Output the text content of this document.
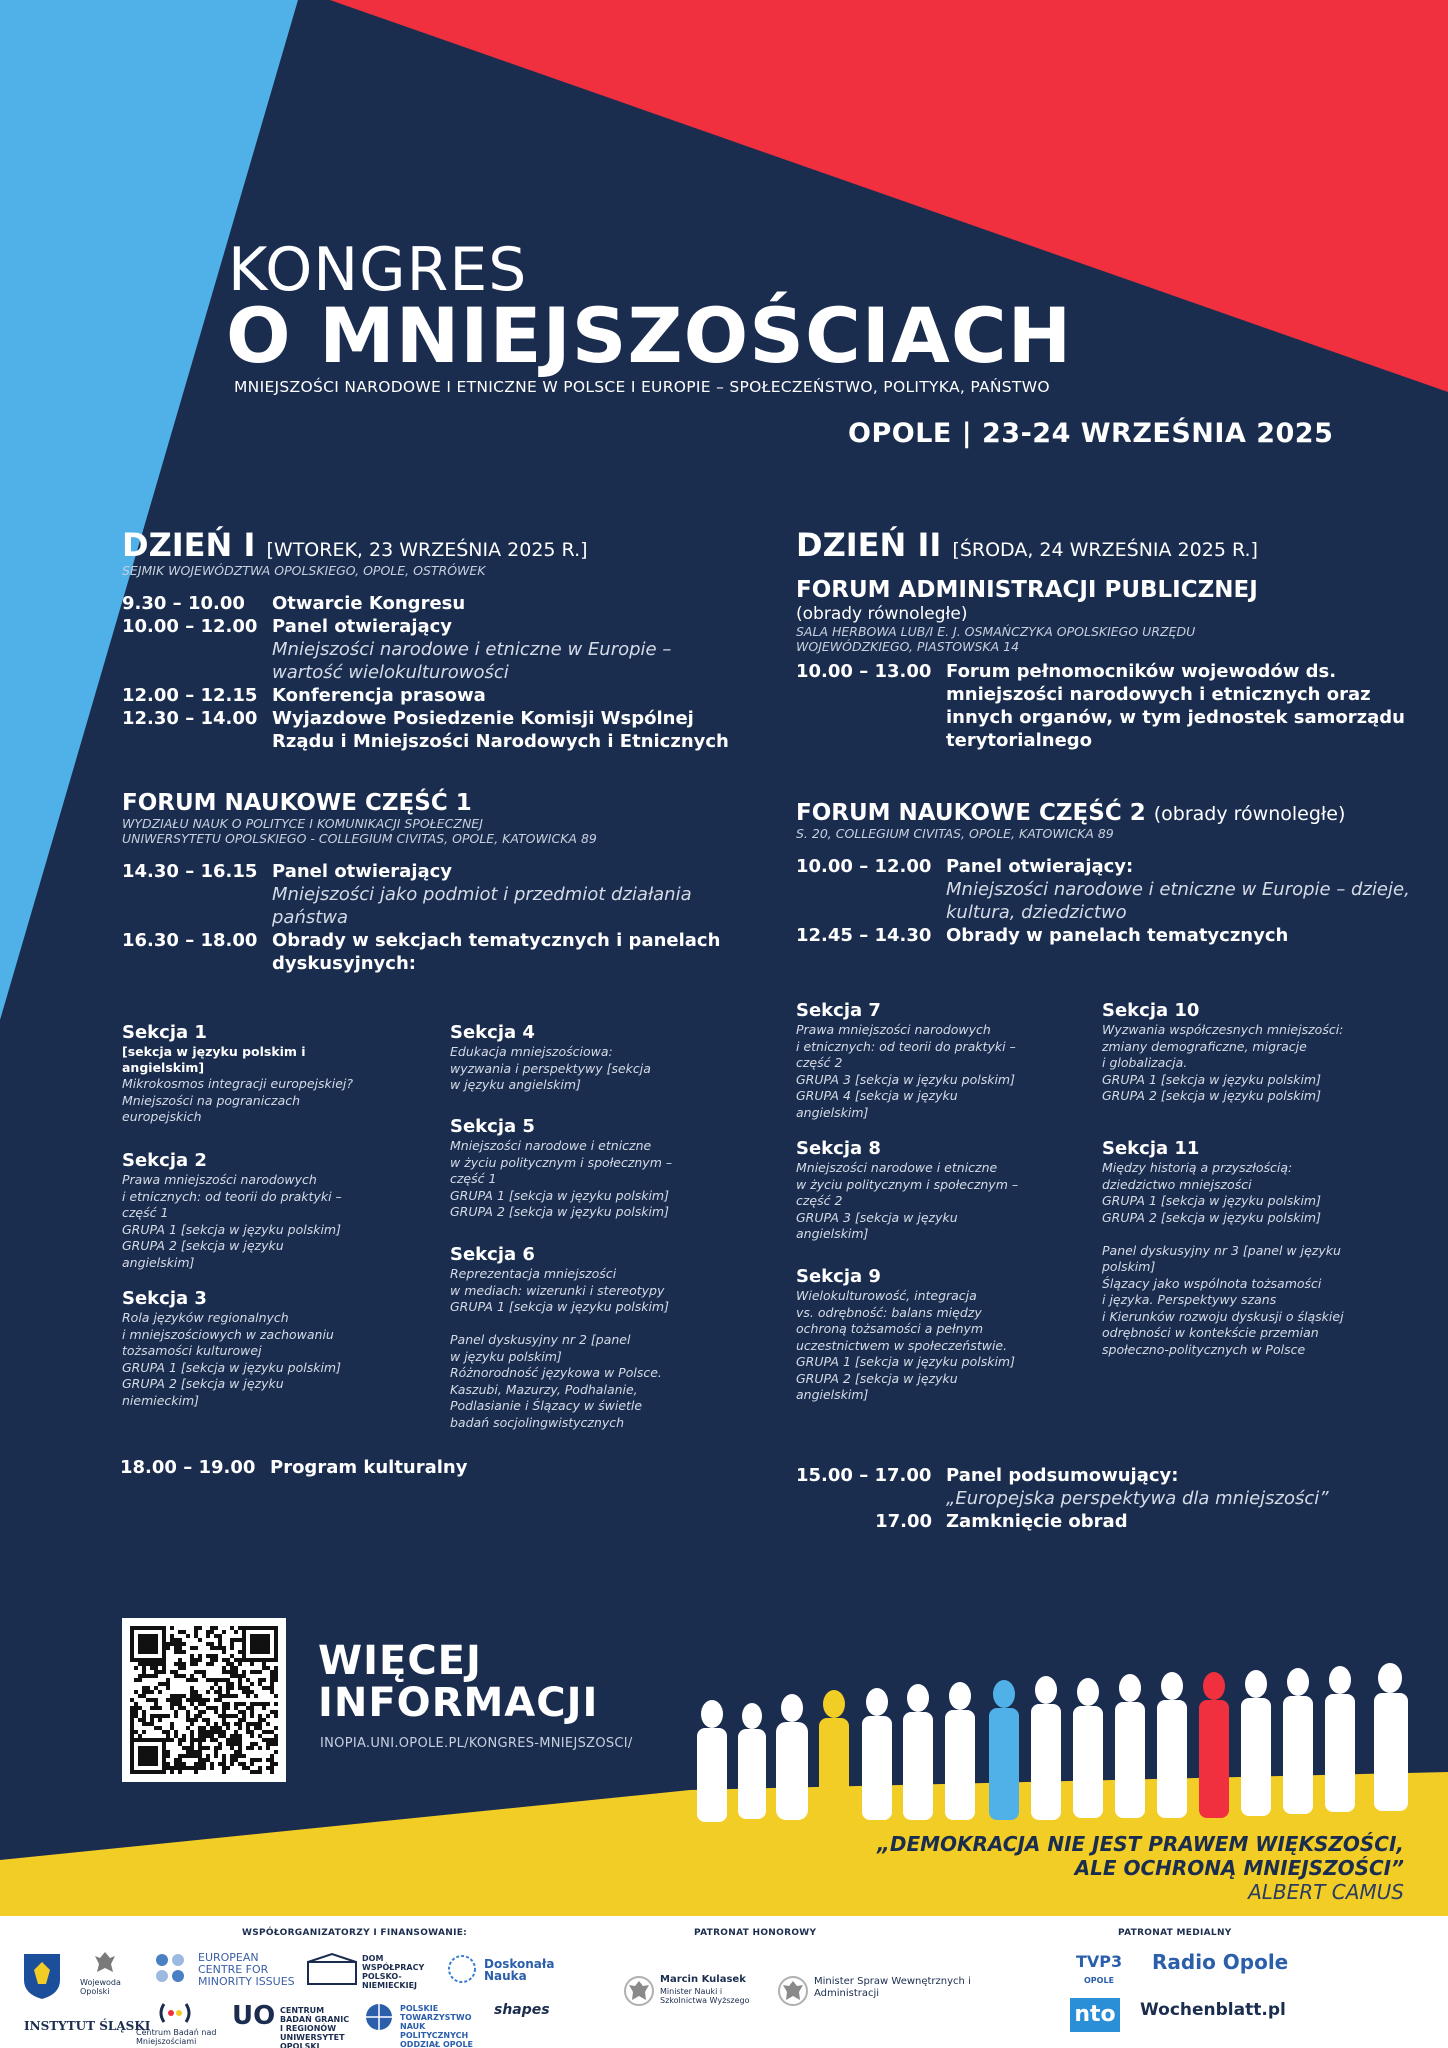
KONGRES
O MNIEJSZOŚCIACH
MNIEJSZOŚCI NARODOWE I ETNICZNE W POLSCE I EUROPIE – SPOŁECZEŃSTWO, POLITYKA, PAŃSTWO
OPOLE | 23-24 WRZEŚNIA 2025
DZIEŃ I [WTOREK, 23 WRZEŚNIA 2025 R.]
SEJMIK WOJEWÓDZTWA OPOLSKIEGO, OPOLE, OSTRÓWEK
9.30 – 10.00	Otwarcie Kongresu
10.00 – 12.00 Panel otwierający
Mniejszości narodowe i etniczne w Europie – wartość wielokulturowości
12.00 – 12.15 Konferencja prasowa
12.30 – 14.00 Wyjazdowe Posiedzenie Komisji Wspólnej Rządu i Mniejszości Narodowych i Etnicznych
FORUM NAUKOWE CZĘŚĆ 1
WYDZIAŁU NAUK O POLITYCE I KOMUNIKACJI SPOŁECZNEJ
UNIWERSYTETU OPOLSKIEGO - COLLEGIUM CIVITAS, OPOLE, KATOWICKA 89
14.30 – 16.15 Panel otwierający
Mniejszości jako podmiot i przedmiot działania państwa
16.30 – 18.00 Obrady w sekcjach tematycznych i panelach dyskusyjnych:
Sekcja 1
[sekcja w języku polskim i angielskim]
Mikrokosmos integracji europejskiej? Mniejszości na pograniczach europejskich
Sekcja 2
Prawa mniejszości narodowych
i etnicznych: od teorii do praktyki –
część 1
GRUPA 1 [sekcja w języku polskim]
GRUPA 2 [sekcja w języku
angielskim]
Sekcja 3
Rola języków regionalnych
i mniejszościowych w zachowaniu
tożsamości kulturowej
GRUPA 1 [sekcja w języku polskim]
GRUPA 2 [sekcja w języku
niemieckim]
Sekcja 4
Edukacja mniejszościowa:
wyzwania i perspektywy [sekcja
w języku angielskim]
Sekcja 5
Mniejszości narodowe i etniczne
w życiu politycznym i społecznym –
część 1
GRUPA 1 [sekcja w języku polskim]
GRUPA 2 [sekcja w języku polskim]
Sekcja 6
Reprezentacja mniejszości
w mediach: wizerunki i stereotypy
GRUPA 1 [sekcja w języku polskim]

Panel dyskusyjny nr 2 [panel
w języku polskim]
Różnorodność językowa w Polsce.
Kaszubi, Mazurzy, Podhalanie,
Podlasianie i Ślązacy w świetle
badań socjolingwistycznych
18.00 – 19.00 Program kulturalny
DZIEŃ II [ŚRODA, 24 WRZEŚNIA 2025 R.]
FORUM ADMINISTRACJI PUBLICZNEJ
(obrady równoległe)
SALA HERBOWA LUB/I E. J. OSMAŃCZYKA OPOLSKIEGO URZĘDU
WOJEWÓDZKIEGO, PIASTOWSKA 14
10.00 – 13.00 Forum pełnomocników wojewodów ds. mniejszości narodowych i etnicznych oraz innych organów, w tym jednostek samorządu terytorialnego
FORUM NAUKOWE CZĘŚĆ 2 (obrady równoległe)
S. 20, COLLEGIUM CIVITAS, OPOLE, KATOWICKA 89
10.00 – 12.00 Panel otwierający:
Mniejszości narodowe i etniczne w Europie – dzieje, kultura, dziedzictwo
12.45 – 14.30 Obrady w panelach tematycznych
Sekcja 7
Prawa mniejszości narodowych
i etnicznych: od teorii do praktyki –
część 2
GRUPA 3 [sekcja w języku polskim]
GRUPA 4 [sekcja w języku
angielskim]
Sekcja 8
Mniejszości narodowe i etniczne
w życiu politycznym i społecznym –
część 2
GRUPA 3 [sekcja w języku
angielskim]
Sekcja 9
Wielokulturowość, integracja
vs. odrębność: balans między
ochroną tożsamości a pełnym
uczestnictwem w społeczeństwie.
GRUPA 1 [sekcja w języku polskim]
GRUPA 2 [sekcja w języku
angielskim]
Sekcja 10
Wyzwania współczesnych mniejszości:
zmiany demograficzne, migracje
i globalizacja.
GRUPA 1 [sekcja w języku polskim]
GRUPA 2 [sekcja w języku polskim]
Sekcja 11
Między historią a przyszłością:
dziedzictwo mniejszości
GRUPA 1 [sekcja w języku polskim]
GRUPA 2 [sekcja w języku polskim]

Panel dyskusyjny nr 3 [panel w języku
polskim]
Ślązacy jako wspólnota tożsamości
i języka. Perspektywy szans
i Kierunków rozwoju dyskusji o śląskiej
odrębności w kontekście przemian
społeczno-politycznych w Polsce
15.00 – 17.00 Panel podsumowujący:
„Europejska perspektywa dla mniejszości”
17.00 Zamknięcie obrad
WIĘCEJ
INFORMACJI
INOPIA.UNI.OPOLE.PL/KONGRES-MNIEJSZOSCI/
„DEMOKRACJA NIE JEST PRAWEM WIĘKSZOŚCI,
ALE OCHRONĄ MNIEJSZOŚCI”
ALBERT CAMUS
WSPÓŁORGANIZATORZY I FINANSOWANIE:	PATRONAT HONOROWY	PATRONAT MEDIALNY
INSTYTUT ŚLĄSKI
Wojewoda Opolski
EUROPEAN CENTRE FOR MINORITY ISSUES
DOM WSPÓŁPRACY POLSKO-NIEMIECKIEJ
Doskonała Nauka
Centrum Badań nad Mniejszościami
UO CENTRUM BADAŃ GRANIC I REGIONÓW UNIWERSYTET OPOLSKI
POLSKIE TOWARZYSTWO NAUK POLITYCZNYCH ODDZIAŁ OPOLE
shapes
Marcin Kulasek
Minister Nauki i Szkolnictwa Wyższego
Minister Spraw Wewnętrznych i Administracji
TVP3
OPOLE
Radio Opole
nto Wochenblatt.pl
